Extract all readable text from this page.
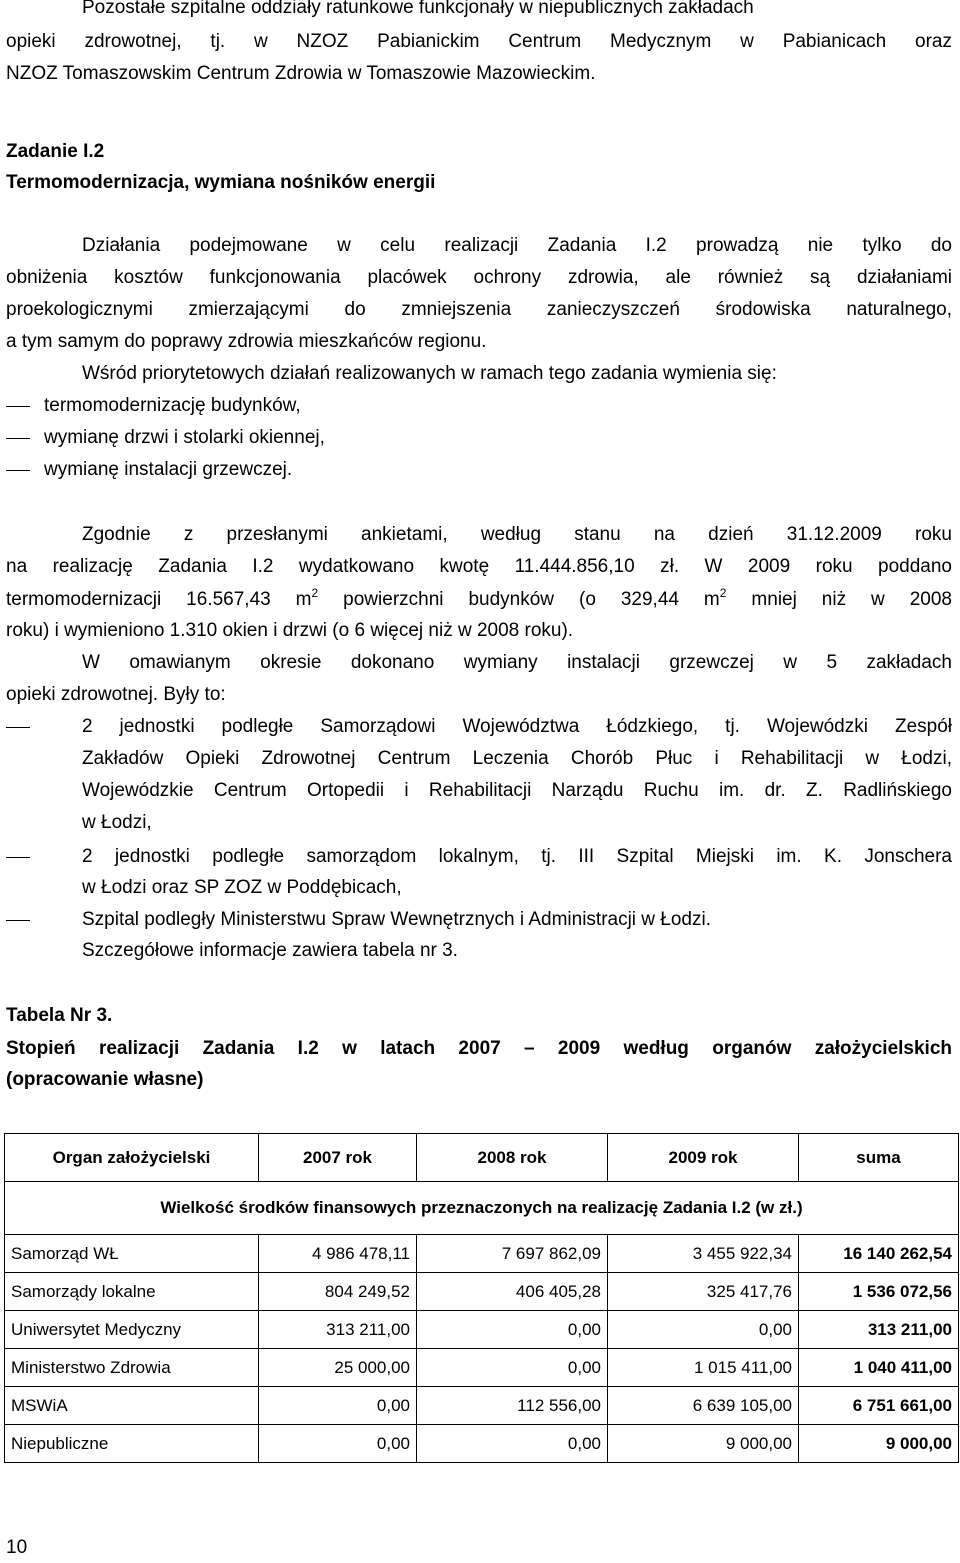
Pozostałe szpitalne oddziały ratunkowe funkcjonały w niepublicznych zakładach
opieki zdrowotnej, tj. w NZOZ Pabianickim Centrum Medycznym w Pabianicach oraz
NZOZ Tomaszowskim Centrum Zdrowia w Tomaszowie Mazowieckim.
Zadanie I.2
Termomodernizacja, wymiana nośników energii
Działania podejmowane w celu realizacji Zadania I.2 prowadzą nie tylko do
obniżenia kosztów funkcjonowania placówek ochrony zdrowia, ale również są działaniami
proekologicznymi zmierzającymi do zmniejszenia zanieczyszczeń środowiska naturalnego,
a tym samym do poprawy zdrowia mieszkańców regionu.
Wśród priorytetowych działań realizowanych w ramach tego zadania wymienia się:
termomodernizację budynków,
wymianę drzwi i stolarki okiennej,
wymianę instalacji grzewczej.
Zgodnie z przesłanymi ankietami, według stanu na dzień 31.12.2009 roku
na realizację Zadania I.2 wydatkowano kwotę 11.444.856,10 zł. W 2009 roku poddano
termomodernizacji 16.567,43 $m^2$ powierzchni budynków (o 329,44 $m^2$ mniej niż w 2008
roku) i wymieniono 1.310 okien i drzwi (o 6 więcej niż w 2008 roku).
W omawianym okresie dokonano wymiany instalacji grzewczej w 5 zakładach
opieki zdrowotnej. Były to:
2 jednostki podległe Samorządowi Województwa Łódzkiego, tj. Wojewódzki Zespół
Zakładów Opieki Zdrowotnej Centrum Leczenia Chorób Płuc i Rehabilitacji w Łodzi,
Wojewódzkie Centrum Ortopedii i Rehabilitacji Narządu Ruchu im. dr. Z. Radlińskiego
w Łodzi,
2 jednostki podległe samorządom lokalnym, tj. III Szpital Miejski im. K. Jonschera
w Łodzi oraz SP ZOZ w Poddębicach,
Szpital podległy Ministerstwu Spraw Wewnętrznych i Administracji w Łodzi.
Szczegółowe informacje zawiera tabela nr 3.
Tabela Nr 3.
Stopień realizacji Zadania I.2 w latach 2007 – 2009 według organów założycielskich
(opracowanie własne)
Organ założycielski	2007 rok	2008 rok	2009 rok	suma
Wielkość środków finansowych przeznaczonych na realizację Zadania I.2 (w zł.)				
Samorząd WŁ	4 986 478,11	7 697 862,09	3 455 922,34	16 140 262,54
Samorządy lokalne	804 249,52	406 405,28	325 417,76	1 536 072,56
Uniwersytet Medyczny	313 211,00	0,00	0,00	313 211,00
Ministerstwo Zdrowia	25 000,00	0,00	1 015 411,00	1 040 411,00
MSWiA	0,00	112 556,00	6 639 105,00	6 751 661,00
Niepubliczne	0,00	0,00	9 000,00	9 000,00
10
